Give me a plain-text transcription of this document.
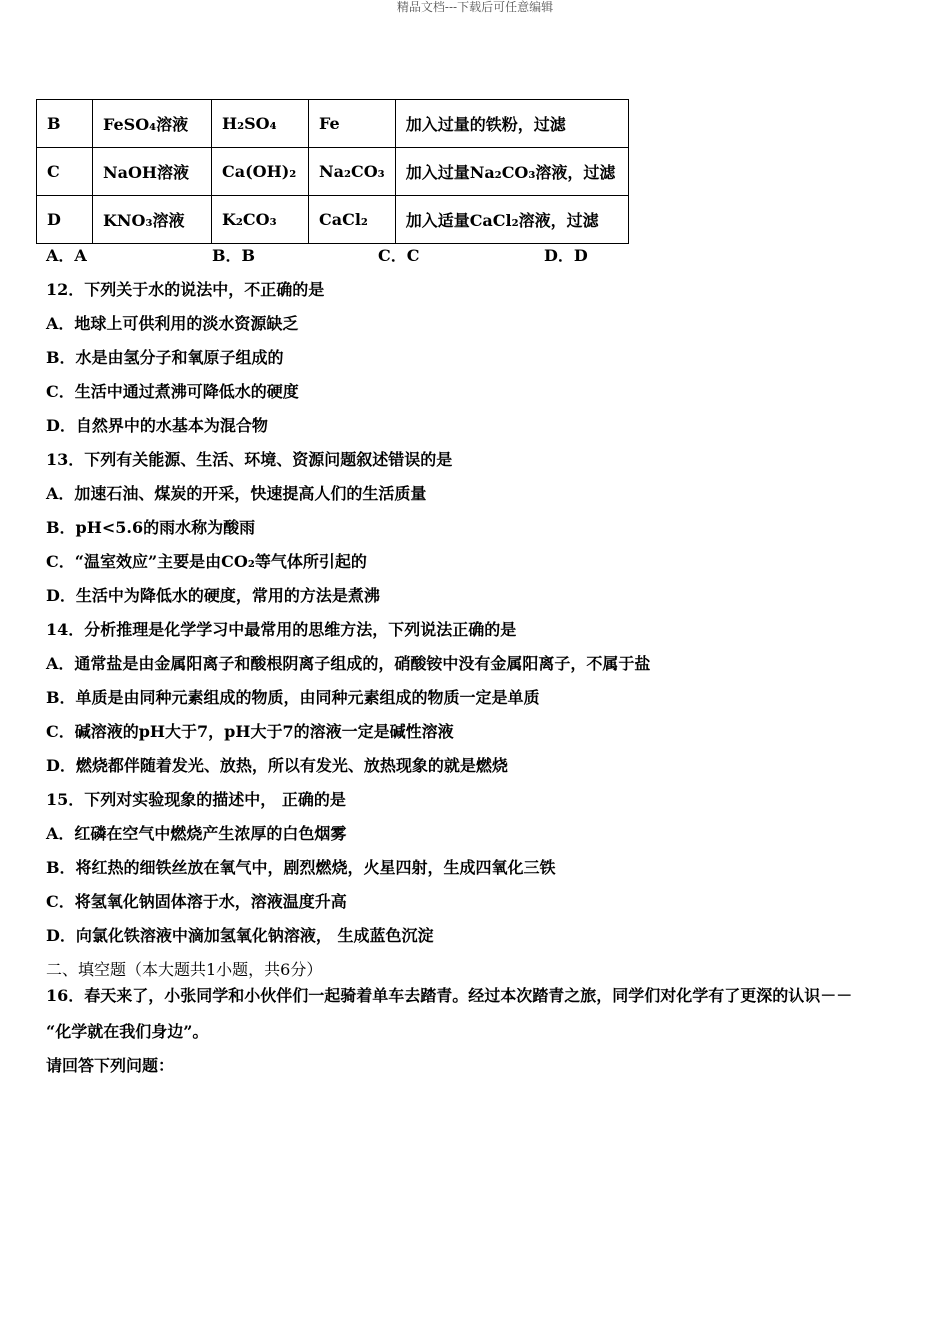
精品文档---下载后可任意编辑
B	FeSO₄溶液	H₂SO₄	Fe	加入过量的铁粉，过滤
C	NaOH溶液	Ca(OH)₂	Na₂CO₃	加入过量Na₂CO₃溶液，过滤
D	KNO₃溶液	K₂CO₃	CaCl₂	加入适量CaCl₂溶液，过滤
A．A	B．B	C．C	D．D
12．下列关于水的说法中，不正确的是
A．地球上可供利用的淡水资源缺乏
B．水是由氢分子和氧原子组成的
C．生活中通过煮沸可降低水的硬度
D．自然界中的水基本为混合物
13．下列有关能源、生活、环境、资源问题叙述错误的是
A．加速石油、煤炭的开采，快速提高人们的生活质量
B．pH<5.6的雨水称为酸雨
C．“温室效应”主要是由CO₂等气体所引起的
D．生活中为降低水的硬度，常用的方法是煮沸
14．分析推理是化学学习中最常用的思维方法，下列说法正确的是
A．通常盐是由金属阳离子和酸根阴离子组成的，硝酸铵中没有金属阳离子，不属于盐
B．单质是由同种元素组成的物质，由同种元素组成的物质一定是单质
C．碱溶液的pH大于7，pH大于7的溶液一定是碱性溶液
D．燃烧都伴随着发光、放热，所以有发光、放热现象的就是燃烧
15．下列对实验现象的描述中， 正确的是
A．红磷在空气中燃烧产生浓厚的白色烟雾
B．将红热的细铁丝放在氧气中，剧烈燃烧，火星四射，生成四氧化三铁
C．将氢氧化钠固体溶于水，溶液温度升高
D．向氯化铁溶液中滴加氢氧化钠溶液， 生成蓝色沉淀
二、填空题（本大题共1小题，共6分）
16．春天来了，小张同学和小伙伴们一起骑着单车去踏青。经过本次踏青之旅，同学们对化学有了更深的认识－－
“化学就在我们身边”。
请回答下列问题：
